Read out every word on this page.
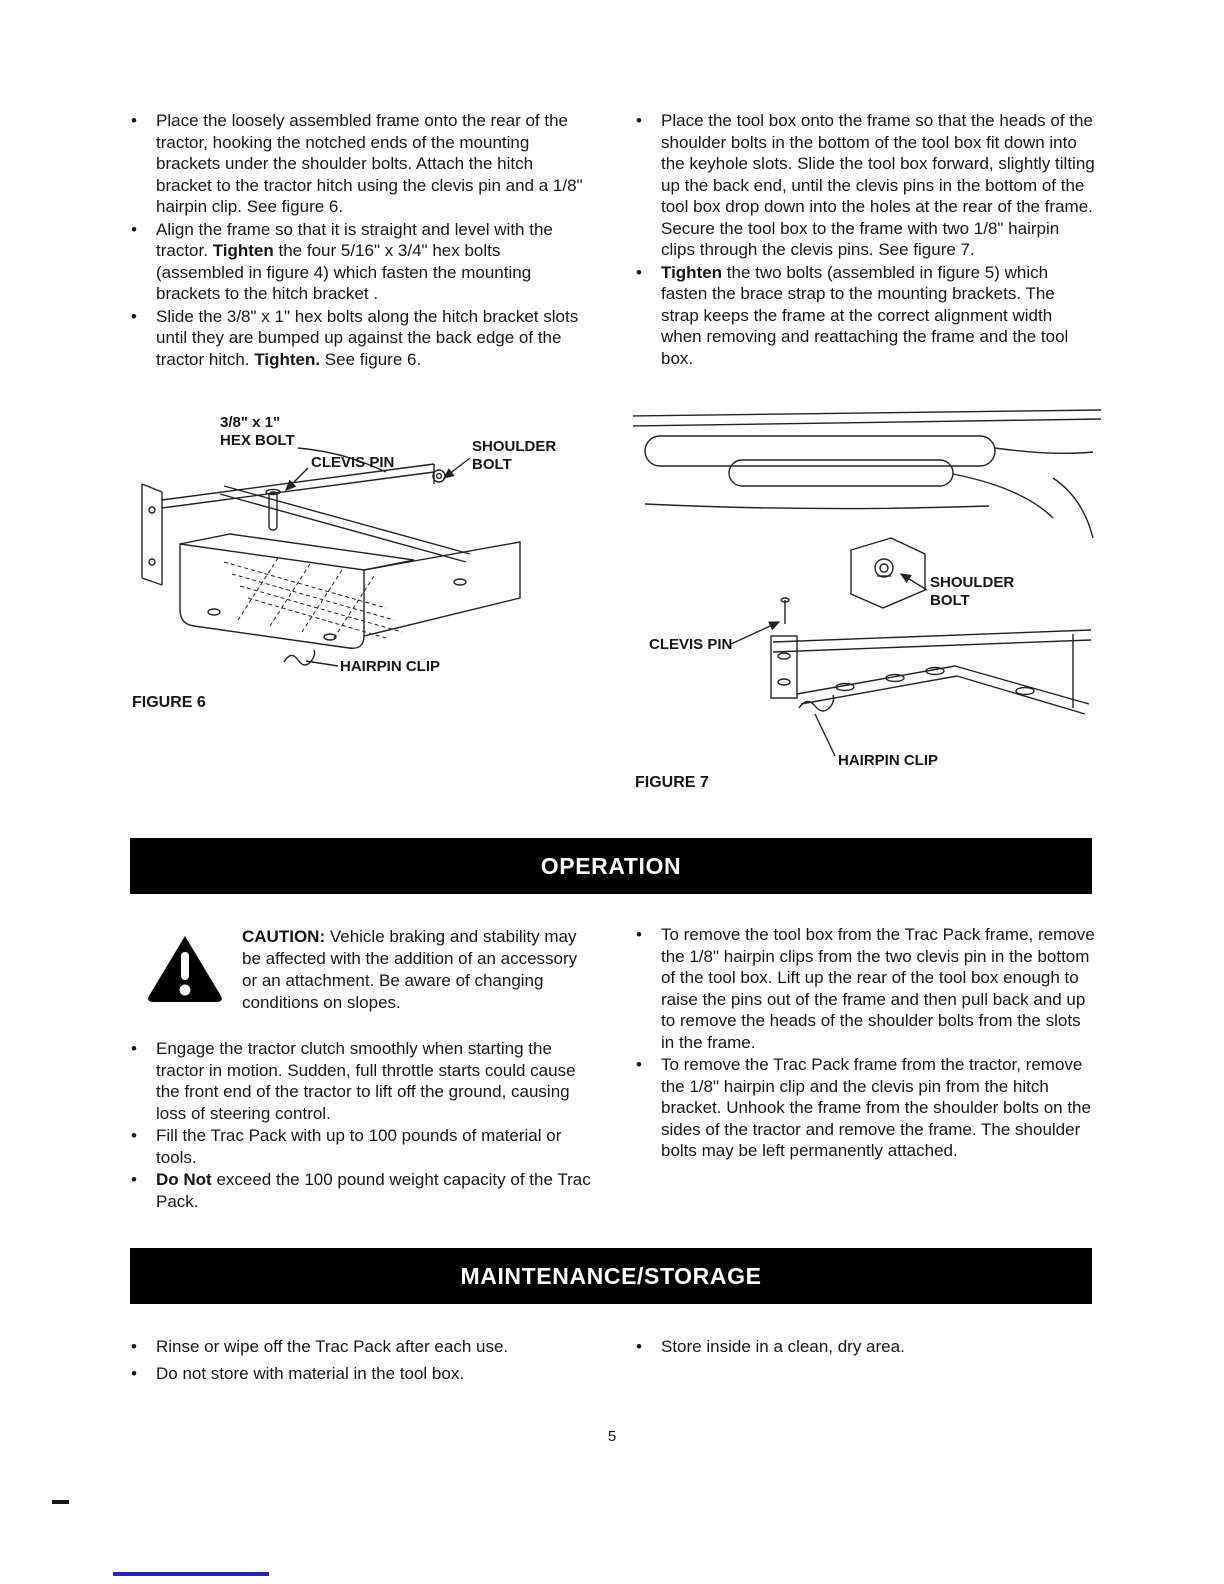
•
Place the loosely assembled frame onto the rear of the tractor, hooking the notched ends of the mounting brackets under the shoulder bolts. Attach the hitch bracket to the tractor hitch using the clevis pin and a 1/8" hairpin clip. See figure 6.
•
Align the frame so that it is straight and level with the tractor. Tighten the four 5/16" x 3/4" hex bolts (assembled in figure 4) which fasten the mounting brackets to the hitch bracket .
•
Slide the 3/8" x 1" hex bolts along the hitch bracket slots until they are bumped up against the back edge of the tractor hitch. Tighten. See figure 6.
•
Place the tool box onto the frame so that the heads of the shoulder bolts in the bottom of the tool box fit down into the keyhole slots. Slide the tool box forward, slightly tilting up the back end, until the clevis pins in the bottom of the tool box drop down into the holes at the rear of the frame. Secure the tool box to the frame with two 1/8" hairpin clips through the clevis pins. See figure 7.
•
Tighten the two bolts (assembled in figure 5) which fasten the brace strap to the mounting brackets. The strap keeps the frame at the correct alignment width when removing and reattaching the frame and the tool box.
3/8" x 1"
HEX BOLT
CLEVIS PIN
SHOULDER
BOLT
HAIRPIN CLIP
FIGURE 6
SHOULDER
BOLT
CLEVIS PIN
HAIRPIN CLIP
FIGURE 7
OPERATION
CAUTION: Vehicle braking and stability may be affected with the addition of an accessory or an attachment. Be aware of changing conditions on slopes.
•
Engage the tractor clutch smoothly when starting the tractor in motion. Sudden, full throttle starts could cause the front end of the tractor to lift off the ground, causing loss of steering control.
•
Fill the Trac Pack with up to 100 pounds of material or tools.
•
Do Not exceed the 100 pound weight capacity of the Trac Pack.
•
To remove the tool box from the Trac Pack frame, remove the 1/8" hairpin clips from the two clevis pin in the bottom of the tool box. Lift up the rear of the tool box enough to raise the pins out of the frame and then pull back and up to remove the heads of the shoulder bolts from the slots in the frame.
•
To remove the Trac Pack frame from the tractor, remove the 1/8" hairpin clip and the clevis pin from the hitch bracket. Unhook the frame from the shoulder bolts on the sides of the tractor and remove the frame. The shoulder bolts may be left permanently attached.
MAINTENANCE/STORAGE
•
Rinse or wipe off the Trac Pack after each use.
•
Do not store with material in the tool box.
•
Store inside in a clean, dry area.
5
